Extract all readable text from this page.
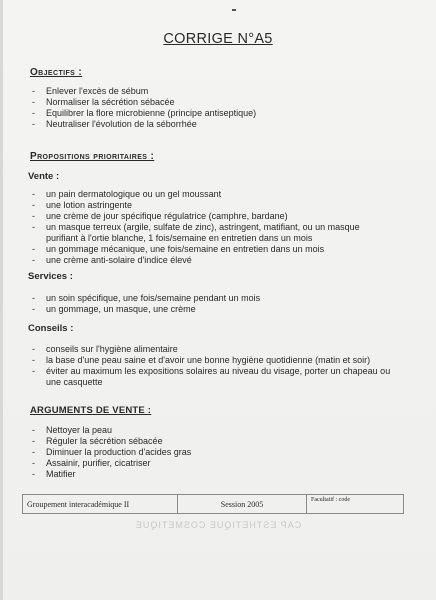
CORRIGE N°A5
Objectifs :
- Enlever l'excès de sébum
- Normaliser la sécrétion sébacée
- Equilibrer la flore microbienne (principe antiseptique)
- Neutraliser l'évolution de la séborrhée
Propositions prioritaires :
Vente :
- un pain dermatologique ou un gel moussant
- une lotion astringente
- une crème de jour spécifique régulatrice (camphre, bardane)
- un masque terreux (argile, sulfate de zinc), astringent, matifiant, ou un masque purifiant à l'ortie blanche, 1 fois/semaine en entretien dans un mois
- un gommage mécanique, une fois/semaine en entretien dans un mois
- une crème anti-solaire d'indice élevé
Services :
- un soin spécifique, une fois/semaine pendant un mois
- un gommage, un masque, une crème
Conseils :
- conseils sur l'hygiène alimentaire
- la base d'une peau saine et d'avoir une bonne hygiène quotidienne (matin et soir)
- éviter au maximum les expositions solaires au niveau du visage, porter un chapeau ou une casquette
ARGUMENTS DE VENTE :
- Nettoyer la peau
- Réguler la sécrétion sébacée
- Diminuer la production d'acides gras
- Assainir, purifier, cicatriser
- Matifier
Groupement interacadémique II	Session 2005	Facultatif : code
CAP ESTHETIQUE COSMETIQUE
